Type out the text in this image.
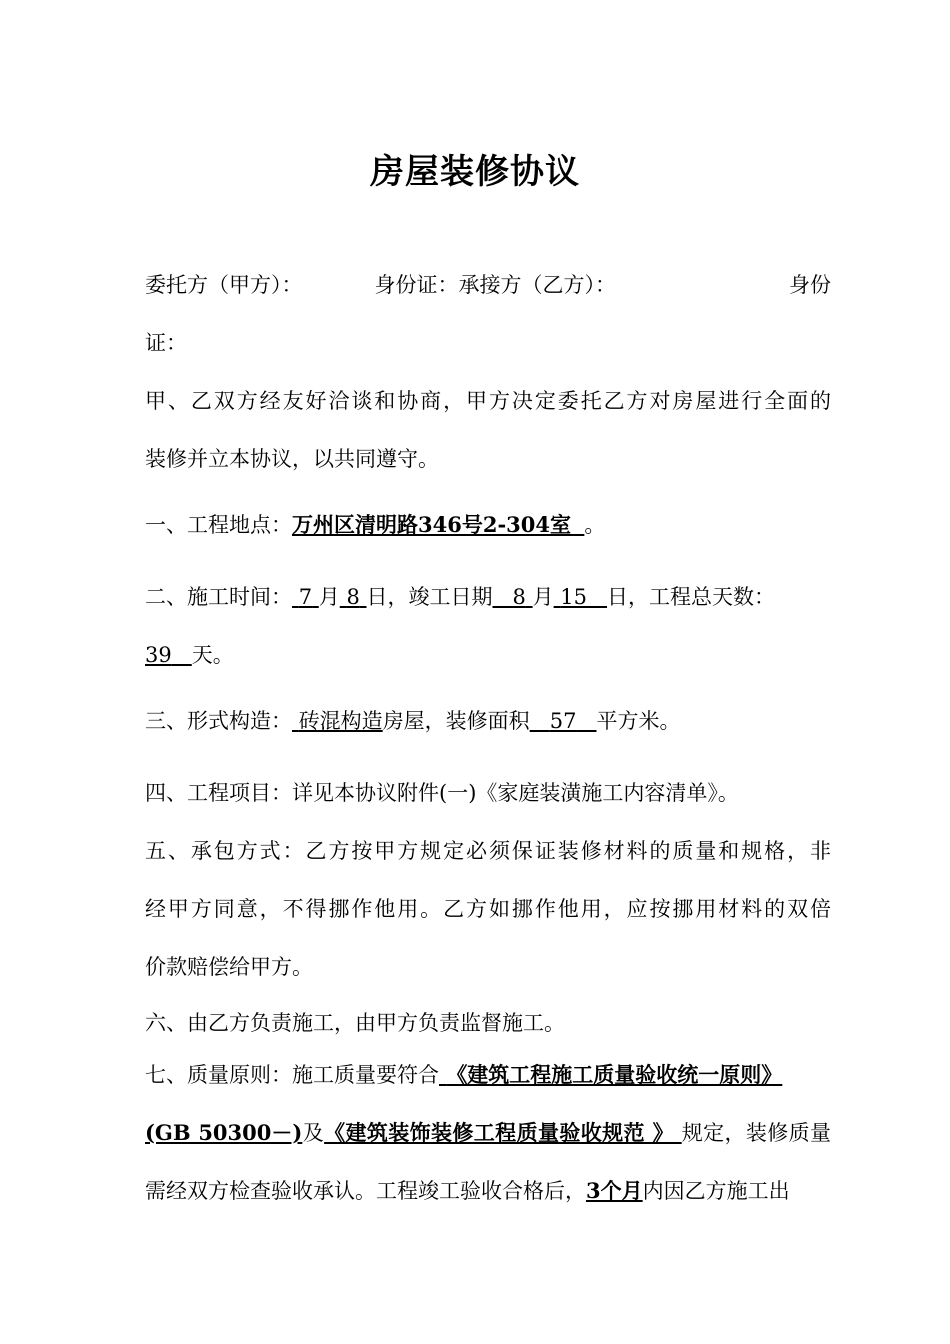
房屋装修协议
委托方（甲方）：	身份证：承接方（乙方）：	身份
证：
甲、乙双方经友好洽谈和协商，甲方决定委托乙方对房屋进行全面的
装修并立本协议，以共同遵守。
一、工程地点：万州区清明路346号2-304室 。
二、施工时间： 7 月 8 日，竣工日期 8 月 15 日，工程总天数：
39 天。
三、形式构造： 砖混构造房屋，装修面积 57 平方米。
四、工程项目：详见本协议附件(一)《家庭装潢施工内容清单》。
五、承包方式：乙方按甲方规定必须保证装修材料的质量和规格，非
经甲方同意，不得挪作他用。乙方如挪作他用，应按挪用材料的双倍
价款赔偿给甲方。
六、由乙方负责施工，由甲方负责监督施工。
七、质量原则：施工质量要符合 《建筑工程施工质量验收统一原则》
(GB 50300－)及《建筑装饰装修工程质量验收规范 》 规定，装修质量
需经双方检查验收承认。工程竣工验收合格后，3个月内因乙方施工出
